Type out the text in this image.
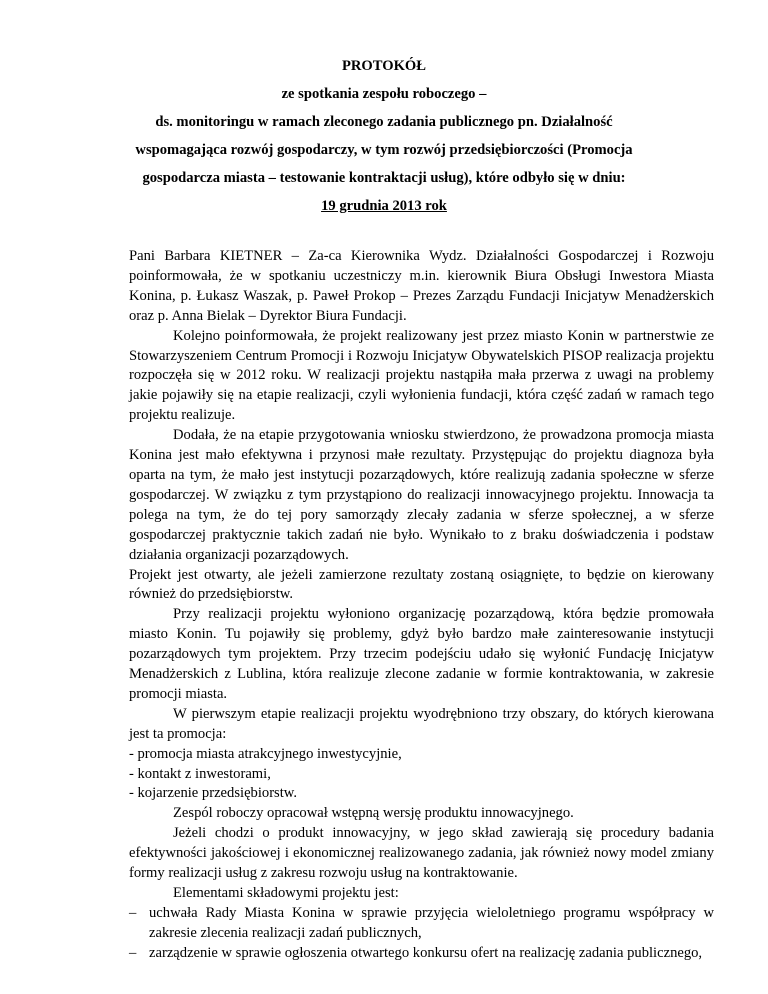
PROTOKÓŁ
ze spotkania zespołu roboczego –
ds. monitoringu w ramach zleconego zadania publicznego pn. Działalność
wspomagająca rozwój gospodarczy, w tym rozwój przedsiębiorczości (Promocja
gospodarcza miasta – testowanie kontraktacji usług), które odbyło się w dniu:
19 grudnia 2013 rok

Pani Barbara KIETNER – Za-ca Kierownika Wydz. Działalności Gospodarczej i Rozwoju poinformowała, że w spotkaniu uczestniczy m.in. kierownik Biura Obsługi Inwestora Miasta Konina, p. Łukasz Waszak, p. Paweł Prokop – Prezes Zarządu Fundacji Inicjatyw Menadżerskich oraz p. Anna Bielak – Dyrektor Biura Fundacji.

Kolejno poinformowała, że projekt realizowany jest przez miasto Konin w partnerstwie ze Stowarzyszeniem Centrum Promocji i Rozwoju Inicjatyw Obywatelskich PISOP realizacja projektu rozpoczęła się w 2012 roku. W realizacji projektu nastąpiła mała przerwa z uwagi na problemy jakie pojawiły się na etapie realizacji, czyli wyłonienia fundacji, która część zadań w ramach tego projektu realizuje.

Dodała, że na etapie przygotowania wniosku stwierdzono, że prowadzona promocja miasta Konina jest mało efektywna i przynosi małe rezultaty. Przystępując do projektu diagnoza była oparta na tym, że mało jest instytucji pozarządowych, które realizują zadania społeczne w sferze gospodarczej. W związku z tym przystąpiono do realizacji innowacyjnego projektu. Innowacja ta polega na tym, że do tej pory samorządy zlecały zadania w sferze społecznej, a w sferze gospodarczej praktycznie takich zadań nie było. Wynikało to z braku doświadczenia i podstaw działania organizacji pozarządowych.

Projekt jest otwarty, ale jeżeli zamierzone rezultaty zostaną osiągnięte, to będzie on kierowany również do przedsiębiorstw.

Przy realizacji projektu wyłoniono organizację pozarządową, która będzie promowała miasto Konin. Tu pojawiły się problemy, gdyż było bardzo małe zainteresowanie instytucji pozarządowych tym projektem. Przy trzecim podejściu udało się wyłonić Fundację Inicjatyw Menadżerskich z Lublina, która realizuje zlecone zadanie w formie kontraktowania, w zakresie promocji miasta.

W pierwszym etapie realizacji projektu wyodrębniono trzy obszary, do których kierowana jest ta promocja:

- promocja miasta atrakcyjnego inwestycyjnie,

- kontakt z inwestorami,

- kojarzenie przedsiębiorstw.

Zespól roboczy opracował wstępną wersję produktu innowacyjnego.

Jeżeli chodzi o produkt innowacyjny, w jego skład zawierają się procedury badania efektywności jakościowej i ekonomicznej realizowanego zadania, jak również nowy model zmiany formy realizacji usług z zakresu rozwoju usług na kontraktowanie.

Elementami składowymi projektu jest:

– uchwała Rady Miasta Konina w sprawie przyjęcia wieloletniego programu współpracy w zakresie zlecenia realizacji zadań publicznych,

– zarządzenie w sprawie ogłoszenia otwartego konkursu ofert na realizację zadania publicznego,
